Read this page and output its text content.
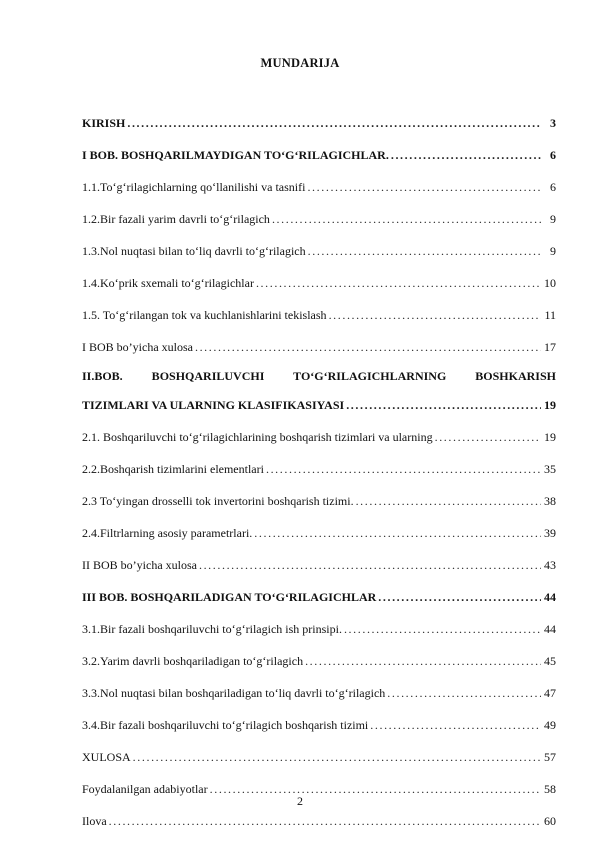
MUNDARIJA
KIRISH .....	3
I BOB. BOSHQARILMAYDIGAN TO‘G‘RILAGICHLAR. .....	6
1.1.To‘g‘rilagichlarning qo‘llanilishi va tasnifi .....	6
1.2.Bir fazali yarim davrli to‘g‘rilagich .....	9
1.3.Nol nuqtasi bilan to‘liq davrli to‘g‘rilagich .....	9
1.4.Ko‘prik sxemali to‘g‘rilagichlar .....	10
1.5. To‘g‘rilangan tok va kuchlanishlarini tekislash .....	11
I BOB bo’yicha xulosa .....	17
II.BOB. BOSHQARILUVCHI TO‘G‘RILAGICHLARNING BOSHKARISH
TIZIMLARI VA ULARNING KLASIFIKASIYASI .....	19
2.1. Boshqariluvchi to‘g‘rilagichlarining boshqarish tizimlari va ularning .....	19
2.2.Boshqarish tizimlarini elementlari .....	35
2.3 To‘yingan drosselli tok invertorini boshqarish tizimi. .....	38
2.4.Filtrlarning asosiy parametrlari. .....	39
II BOB bo’yicha xulosa .....	43
III BOB. BOSHQARILADIGAN TO‘G‘RILAGICHLAR .....	44
3.1.Bir fazali boshqariluvchi to‘g‘rilagich ish prinsipi. .....	44
3.2.Yarim davrli boshqariladigan to‘g‘rilagich .....	45
3.3.Nol nuqtasi bilan boshqariladigan to‘liq davrli to‘g‘rilagich .....	47
3.4.Bir fazali boshqariluvchi to‘g‘rilagich boshqarish tizimi .....	49
XULOSA .....	57
Foydalanilgan adabiyotlar .....	58
Ilova .....	60
2
